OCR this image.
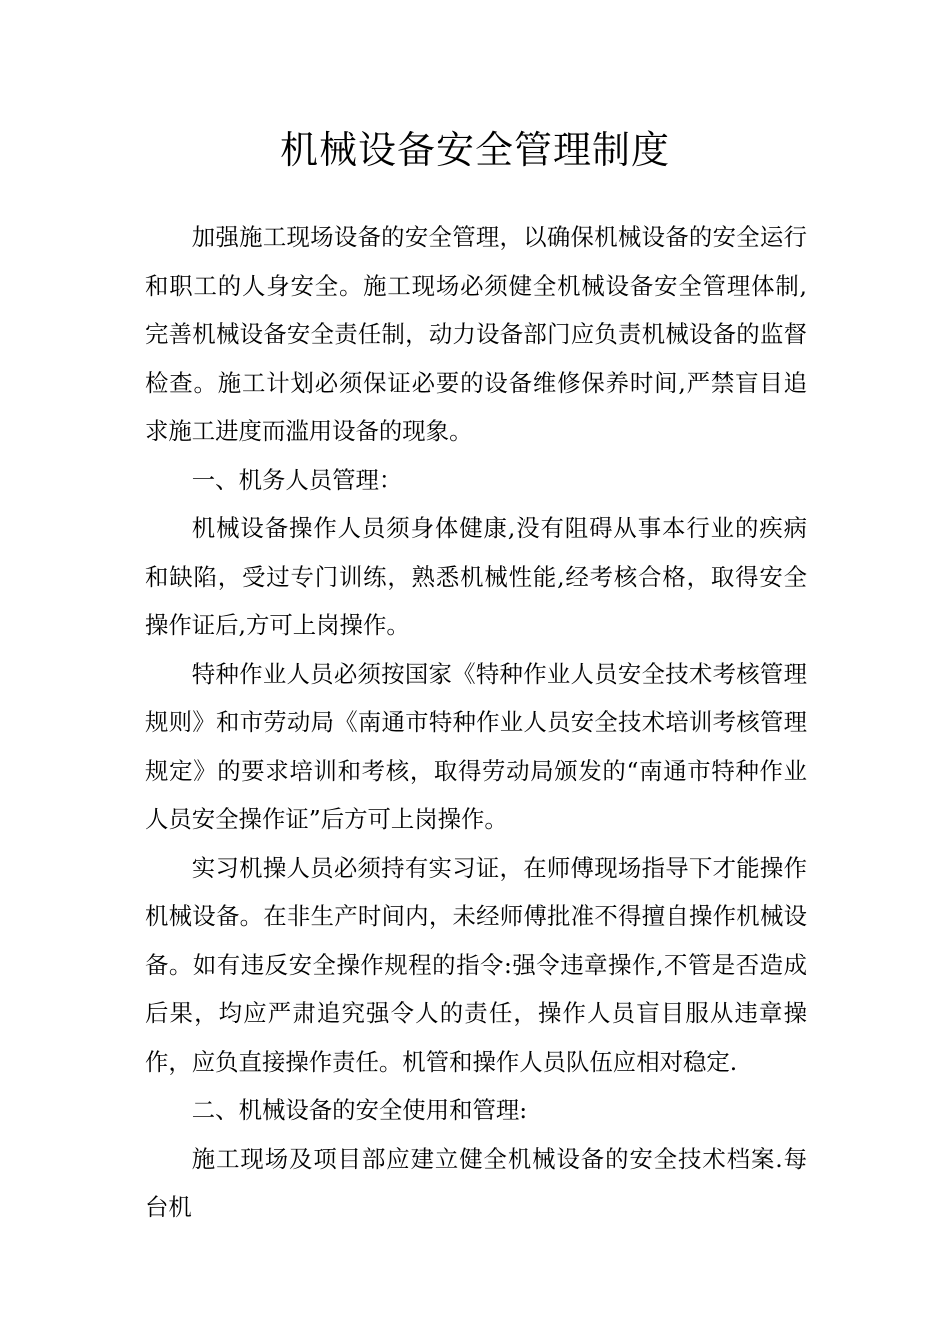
机械设备安全管理制度

加强施工现场设备的安全管理，以确保机械设备的安全运行和职工的人身安全。施工现场必须健全机械设备安全管理体制,完善机械设备安全责任制，动力设备部门应负责机械设备的监督检查。施工计划必须保证必要的设备维修保养时间,严禁盲目追求施工进度而滥用设备的现象。

一、机务人员管理：

机械设备操作人员须身体健康,没有阻碍从事本行业的疾病和缺陷，受过专门训练，熟悉机械性能,经考核合格，取得安全操作证后,方可上岗操作。

特种作业人员必须按国家《特种作业人员安全技术考核管理规则》和市劳动局《南通市特种作业人员安全技术培训考核管理规定》的要求培训和考核，取得劳动局颁发的“南通市特种作业人员安全操作证”后方可上岗操作。

实习机操人员必须持有实习证，在师傅现场指导下才能操作机械设备。在非生产时间内，未经师傅批准不得擅自操作机械设备。如有违反安全操作规程的指令:强令违章操作,不管是否造成后果，均应严肃追究强令人的责任，操作人员盲目服从违章操作，应负直接操作责任。机管和操作人员队伍应相对稳定.

二、机械设备的安全使用和管理:

施工现场及项目部应建立健全机械设备的安全技术档案.每台机
